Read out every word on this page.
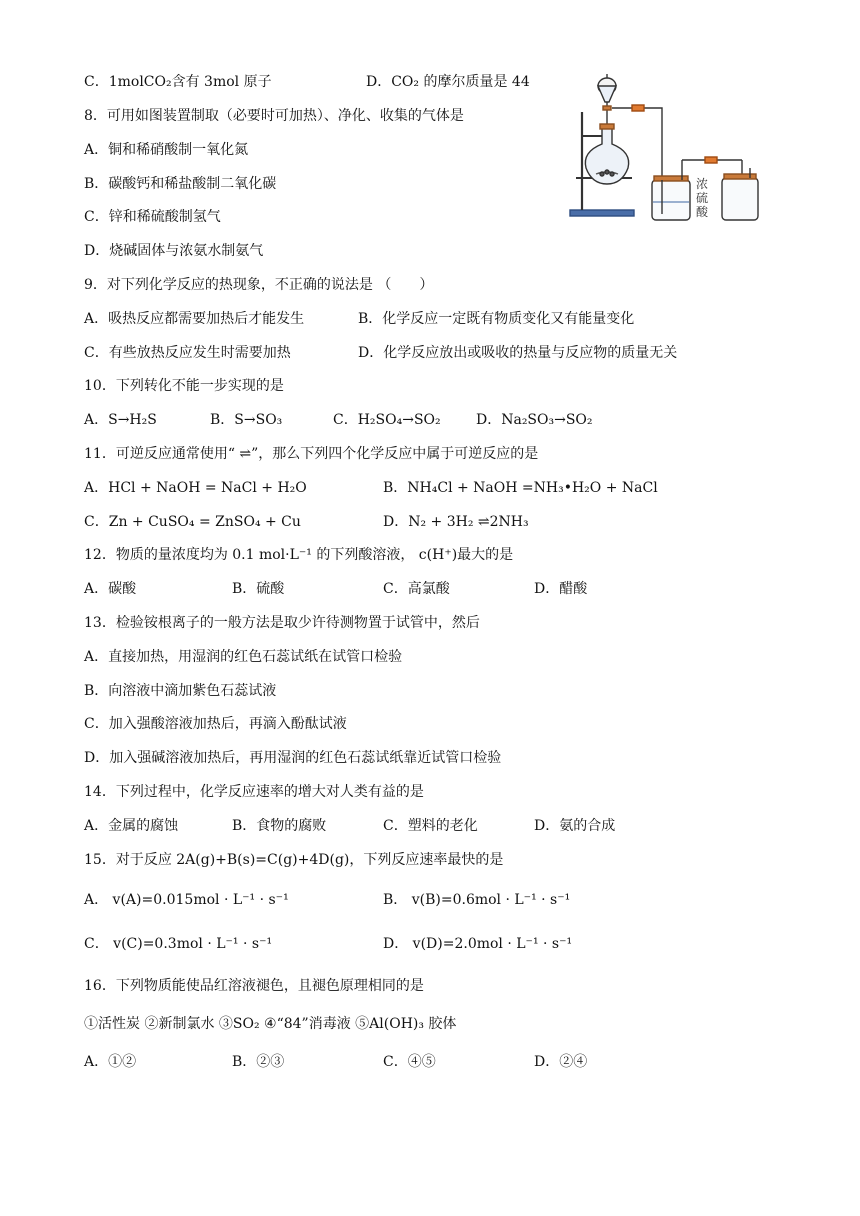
C．1molCO₂含有 3mol 原子	D．CO₂ 的摩尔质量是 44
8．可用如图装置制取（必要时可加热）、净化、收集的气体是
A．铜和稀硝酸制一氧化氮
B．碳酸钙和稀盐酸制二氧化碳
C．锌和稀硫酸制氢气
D．烧碱固体与浓氨水制氨气
浓
硫
酸
9．对下列化学反应的热现象，不正确的说法是 （　　）
A．吸热反应都需要加热后才能发生	B．化学反应一定既有物质变化又有能量变化
C．有些放热反应发生时需要加热	D．化学反应放出或吸收的热量与反应物的质量无关
10．下列转化不能一步实现的是
A．S→H₂S	B．S→SO₃	C．H₂SO₄→SO₂	D．Na₂SO₃→SO₂
11．可逆反应通常使用“ ⇌”，那么下列四个化学反应中属于可逆反应的是
A．HCl + NaOH = NaCl + H₂O	B．NH₄Cl + NaOH =NH₃•H₂O + NaCl
C．Zn + CuSO₄ = ZnSO₄ + Cu	D．N₂ + 3H₂ ⇌2NH₃
12．物质的量浓度均为 0.1 mol·L⁻¹ 的下列酸溶液， c(H⁺)最大的是
A．碳酸	B．硫酸	C．高氯酸	D．醋酸
13．检验铵根离子的一般方法是取少许待测物置于试管中，然后
A．直接加热，用湿润的红色石蕊试纸在试管口检验
B．向溶液中滴加紫色石蕊试液
C．加入强酸溶液加热后，再滴入酚酞试液
D．加入强碱溶液加热后，再用湿润的红色石蕊试纸靠近试管口检验
14．下列过程中，化学反应速率的增大对人类有益的是
A．金属的腐蚀	B．食物的腐败	C．塑料的老化	D．氨的合成
15．对于反应 2A(g)+B(s)=C(g)+4D(g)，下列反应速率最快的是
A． v(A)=0.015mol · L⁻¹ · s⁻¹	B． v(B)=0.6mol · L⁻¹ · s⁻¹
C． v(C)=0.3mol · L⁻¹ · s⁻¹	D． v(D)=2.0mol · L⁻¹ · s⁻¹
16．下列物质能使品红溶液褪色，且褪色原理相同的是
①活性炭 ②新制氯水 ③SO₂ ④“84”消毒液 ⑤Al(OH)₃ 胶体
A．①②	B．②③	C．④⑤	D．②④
